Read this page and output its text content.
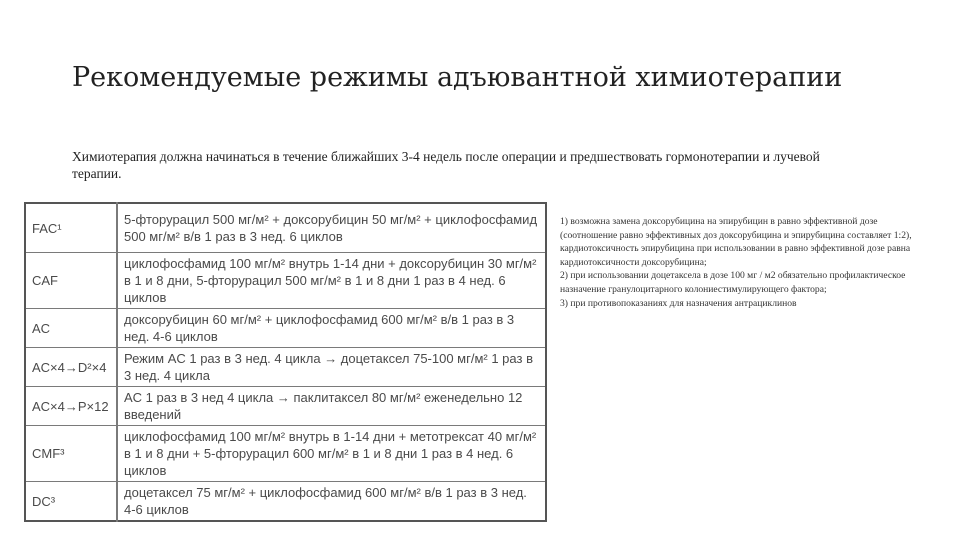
Рекомендуемые режимы адъювантной химиотерапии
Химиотерапия должна начинаться в течение ближайших 3-4 недель после операции и предшествовать гормонотерапии и лучевой терапии.
FAC¹	5-фторурацил 500 мг/м² + доксорубицин 50 мг/м² + циклофосфамид 500 мг/м² в/в 1 раз в 3 нед. 6 циклов
CAF	циклофосфамид 100 мг/м² внутрь 1-14 дни + доксорубицин 30 мг/м² в 1 и 8 дни, 5-фторурацил 500 мг/м² в 1 и 8 дни 1 раз в 4 нед. 6 циклов
AC	доксорубицин 60 мг/м² + циклофосфамид 600 мг/м² в/в 1 раз в 3 нед. 4-6 циклов
AC×4→D²×4	Режим AC 1 раз в 3 нед. 4 цикла → доцетаксел 75-100 мг/м² 1 раз в 3 нед. 4 цикла
AC×4→P×12	AC 1 раз в 3 нед 4 цикла → паклитаксел 80 мг/м² еженедельно 12 введений
CMF³	циклофосфамид 100 мг/м² внутрь в 1-14 дни + метотрексат 40 мг/м² в 1 и 8 дни + 5-фторурацил 600 мг/м² в 1 и 8 дни 1 раз в 4 нед. 6 циклов
DC³	доцетаксел 75 мг/м² + циклофосфамид 600 мг/м² в/в 1 раз в 3 нед. 4-6 циклов
1) возможна замена доксорубицина на эпирубицин в равно эффективной дозе (соотношение равно эффективных доз доксорубицина и эпирубицина составляет 1:2), кардиотоксичность эпирубицина при использовании в равно эффективной дозе равна кардиотоксичности доксорубицина;
2) при использовании доцетаксела в дозе 100 мг / м2 обязательно профилактическое назначение гранулоцитарного колониестимулирующего фактора;
3) при противопоказаниях для назначения антрациклинов
